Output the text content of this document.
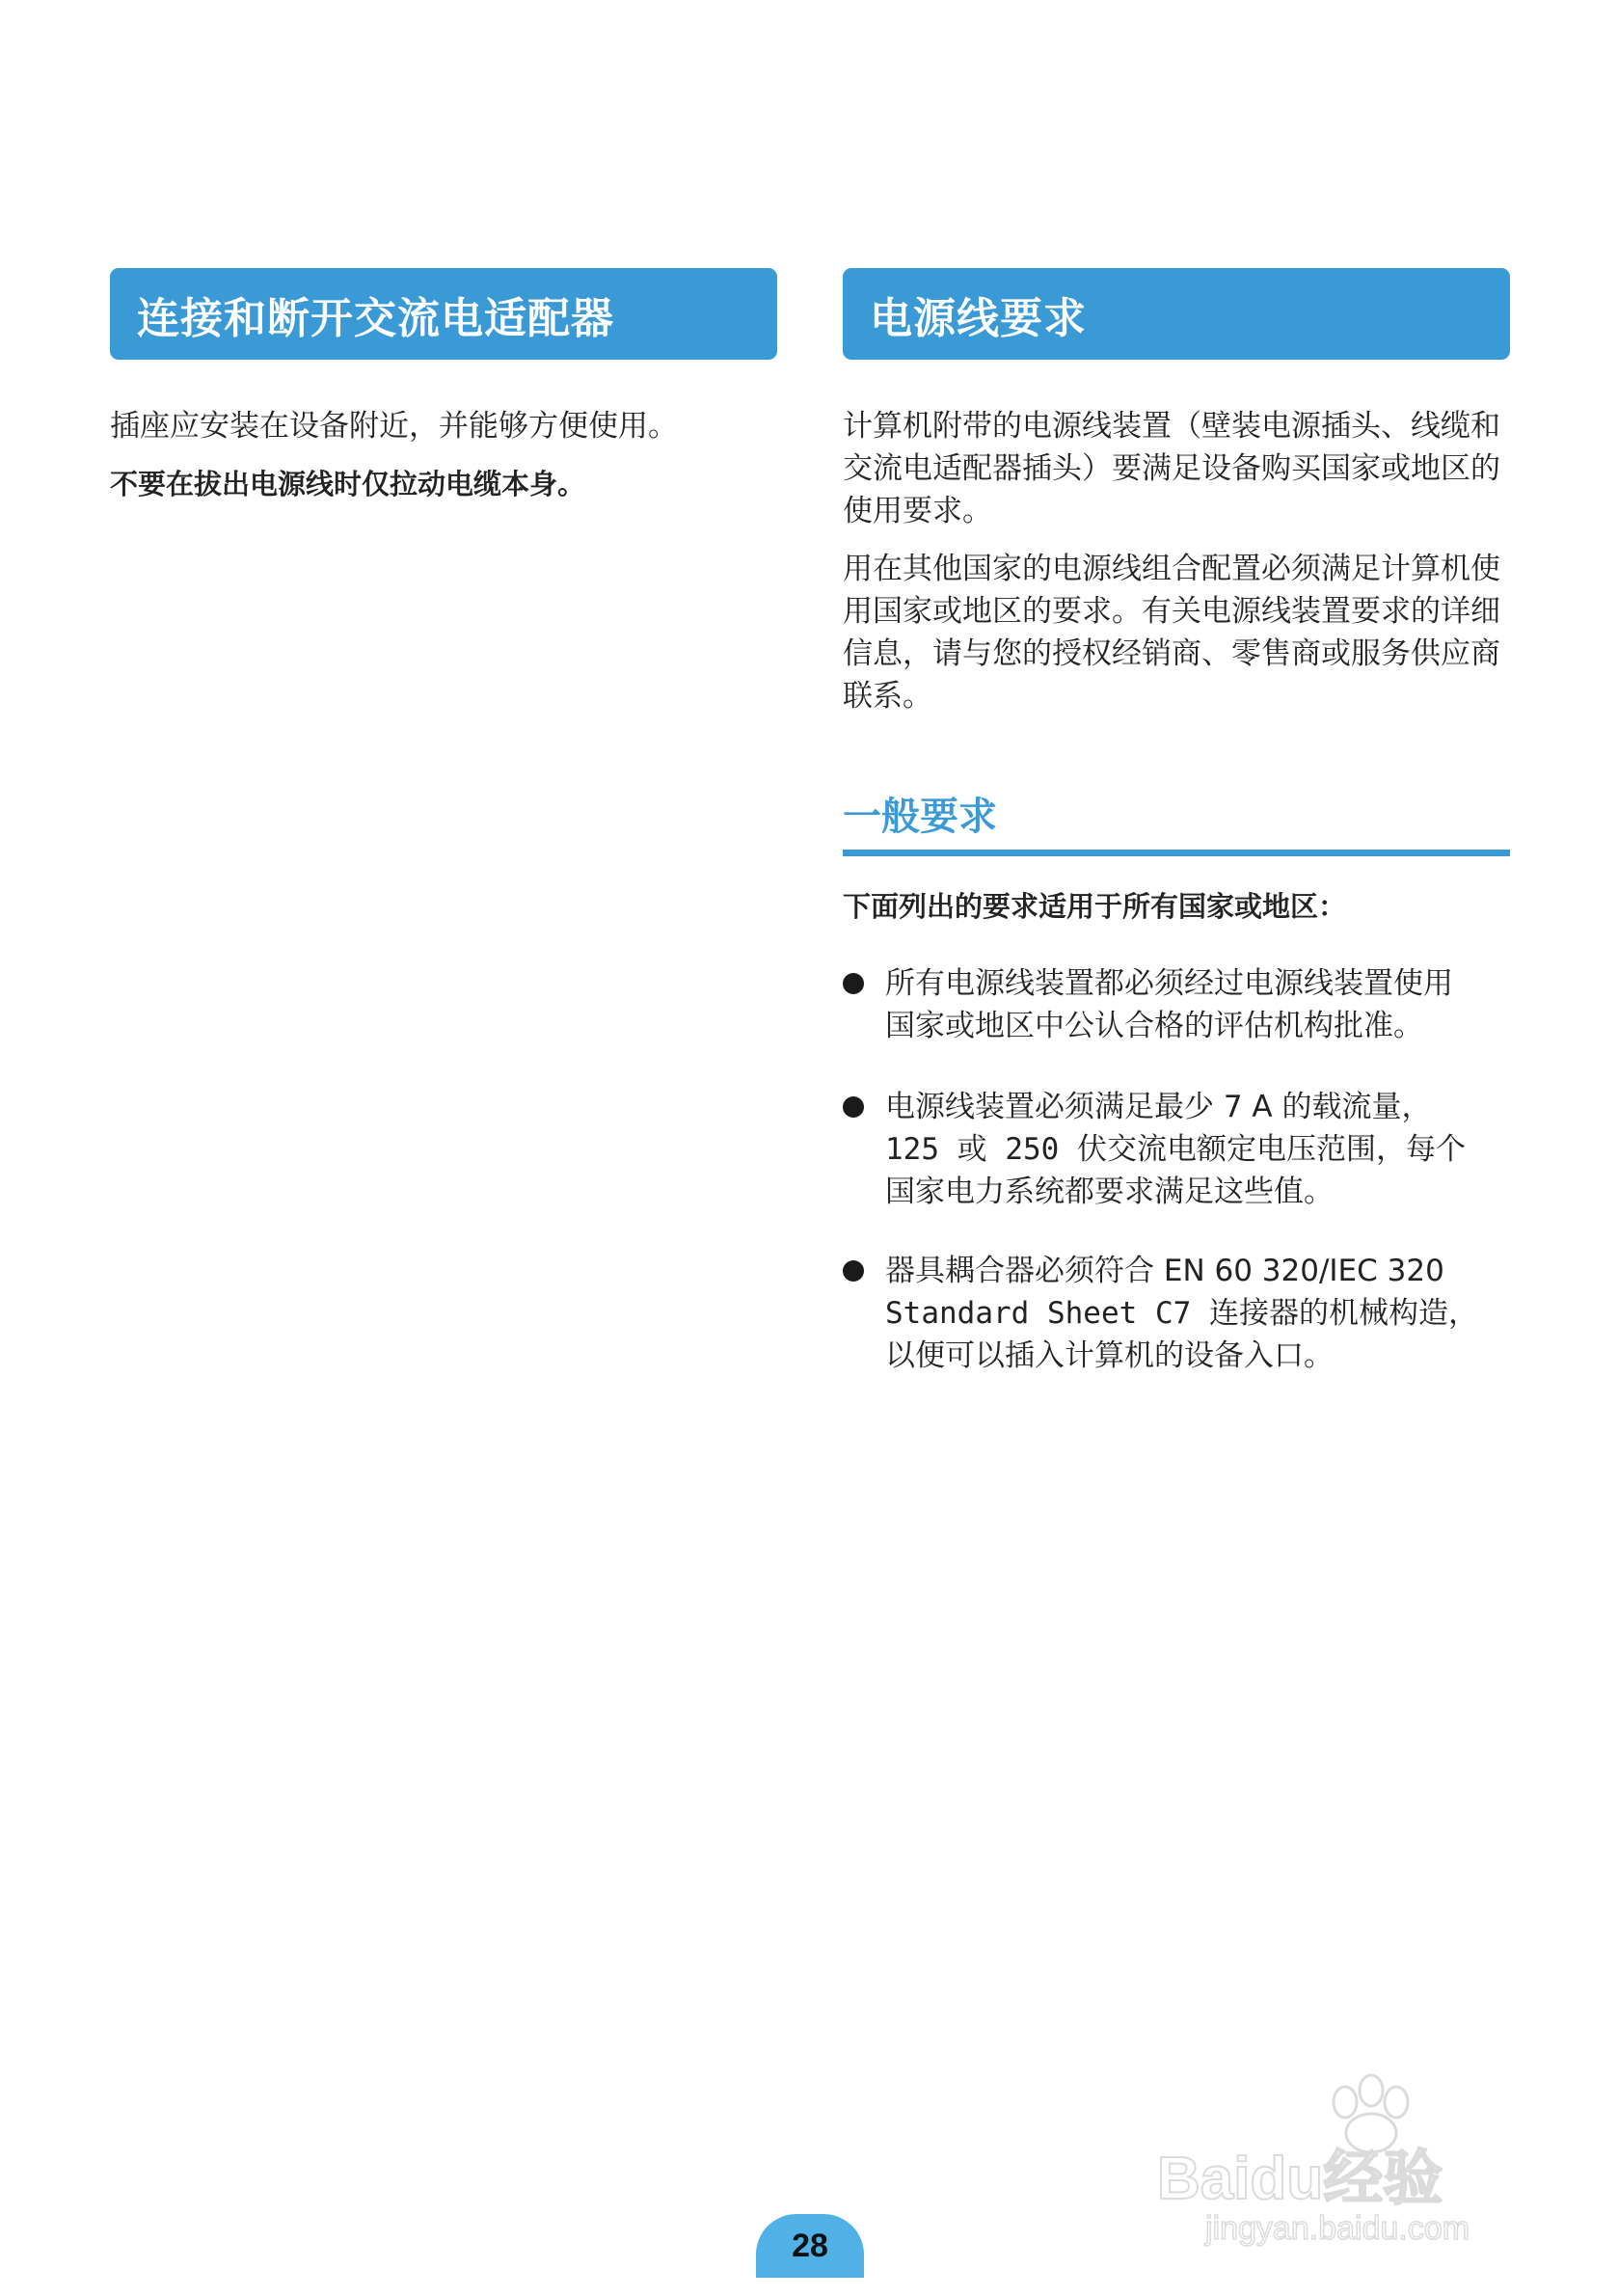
连接和断开交流电适配器

插座应安装在设备附近，并能够方便使用。

不要在拔出电源线时仅拉动电缆本身。

电源线要求

计算机附带的电源线装置（壁装电源插头、线缆和交流电适配器插头）要满足设备购买国家或地区的使用要求。

用在其他国家的电源线组合配置必须满足计算机使用国家或地区的要求。有关电源线装置要求的详细信息，请与您的授权经销商、零售商或服务供应商联系。

一般要求

下面列出的要求适用于所有国家或地区：

所有电源线装置都必须经过电源线装置使用
国家或地区中公认合格的评估机构批准。
电源线装置必须满足最少 7 A 的载流量，
125 或 250 伏交流电额定电压范围，每个
国家电力系统都要求满足这些值。
器具耦合器必须符合 EN 60 320/IEC 320
Standard Sheet C7 连接器的机械构造，
以便可以插入计算机的设备入口。
Baidu经验
jingyan.baidu.com
28
